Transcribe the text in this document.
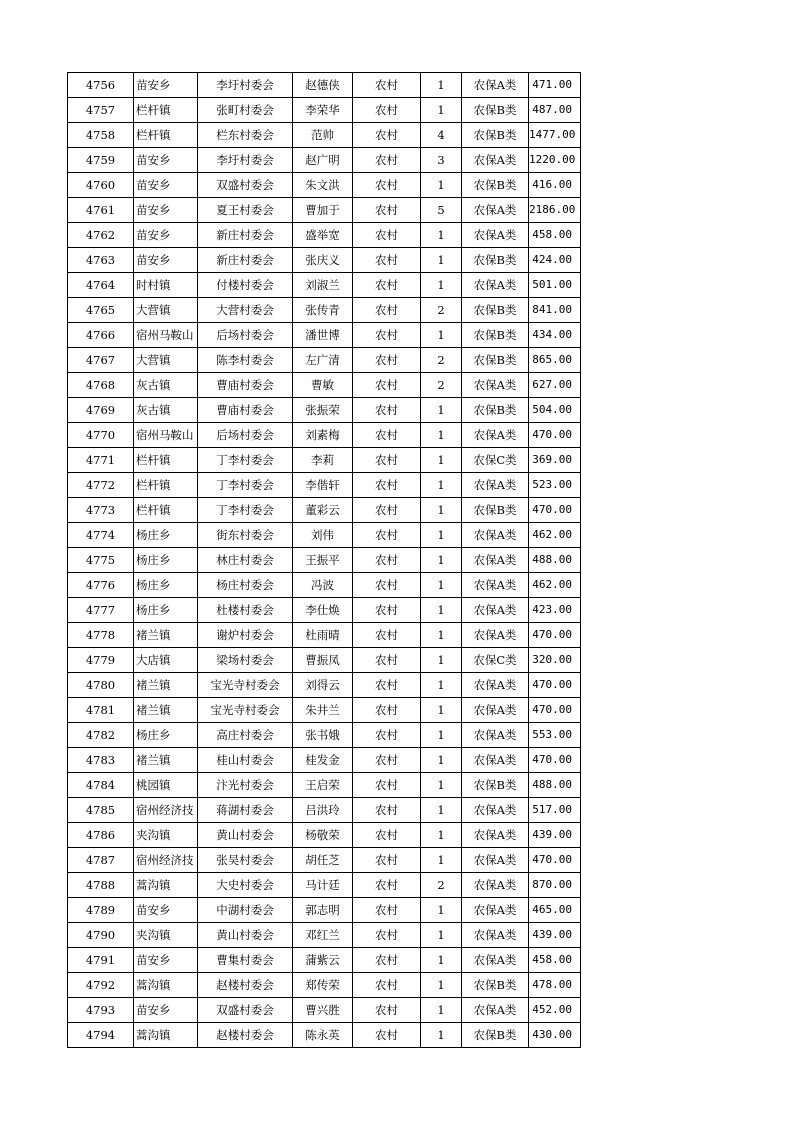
4756	苗安乡	李圩村委会	赵德侠	农村	1	农保A类	471.00
4757	栏杆镇	张町村委会	李荣华	农村	1	农保B类	487.00
4758	栏杆镇	栏东村委会	范帅	农村	4	农保B类	1477.00
4759	苗安乡	李圩村委会	赵广明	农村	3	农保A类	1220.00
4760	苗安乡	双盛村委会	朱文洪	农村	1	农保B类	416.00
4761	苗安乡	夏王村委会	曹加于	农村	5	农保A类	2186.00
4762	苗安乡	新庄村委会	盛举宽	农村	1	农保A类	458.00
4763	苗安乡	新庄村委会	张庆义	农村	1	农保B类	424.00
4764	时村镇	付楼村委会	刘淑兰	农村	1	农保A类	501.00
4765	大营镇	大营村委会	张传青	农村	2	农保B类	841.00
4766	宿州马鞍山	后场村委会	潘世博	农村	1	农保B类	434.00
4767	大营镇	陈李村委会	左广清	农村	2	农保B类	865.00
4768	灰古镇	曹庙村委会	曹敏	农村	2	农保A类	627.00
4769	灰古镇	曹庙村委会	张振荣	农村	1	农保B类	504.00
4770	宿州马鞍山	后场村委会	刘素梅	农村	1	农保A类	470.00
4771	栏杆镇	丁李村委会	李莉	农村	1	农保C类	369.00
4772	栏杆镇	丁李村委会	李偕轩	农村	1	农保A类	523.00
4773	栏杆镇	丁李村委会	董彩云	农村	1	农保B类	470.00
4774	杨庄乡	街东村委会	刘伟	农村	1	农保A类	462.00
4775	杨庄乡	林庄村委会	王振平	农村	1	农保A类	488.00
4776	杨庄乡	杨庄村委会	冯波	农村	1	农保A类	462.00
4777	杨庄乡	杜楼村委会	李仕焕	农村	1	农保A类	423.00
4778	褚兰镇	谢炉村委会	杜雨晴	农村	1	农保A类	470.00
4779	大店镇	梁场村委会	曹振凤	农村	1	农保C类	320.00
4780	褚兰镇	宝光寺村委会	刘得云	农村	1	农保A类	470.00
4781	褚兰镇	宝光寺村委会	朱井兰	农村	1	农保A类	470.00
4782	杨庄乡	高庄村委会	张书娥	农村	1	农保A类	553.00
4783	褚兰镇	桂山村委会	桂发金	农村	1	农保A类	470.00
4784	桃园镇	汴光村委会	王启荣	农村	1	农保B类	488.00
4785	宿州经济技	蒋湖村委会	吕洪玲	农村	1	农保A类	517.00
4786	夹沟镇	黄山村委会	杨敬荣	农村	1	农保A类	439.00
4787	宿州经济技	张吴村委会	胡任芝	农村	1	农保A类	470.00
4788	蒿沟镇	大史村委会	马计廷	农村	2	农保A类	870.00
4789	苗安乡	中湖村委会	郭志明	农村	1	农保A类	465.00
4790	夹沟镇	黄山村委会	邓红兰	农村	1	农保A类	439.00
4791	苗安乡	曹集村委会	蒲紫云	农村	1	农保A类	458.00
4792	蒿沟镇	赵楼村委会	郑传荣	农村	1	农保B类	478.00
4793	苗安乡	双盛村委会	曹兴胜	农村	1	农保A类	452.00
4794	蒿沟镇	赵楼村委会	陈永英	农村	1	农保B类	430.00
